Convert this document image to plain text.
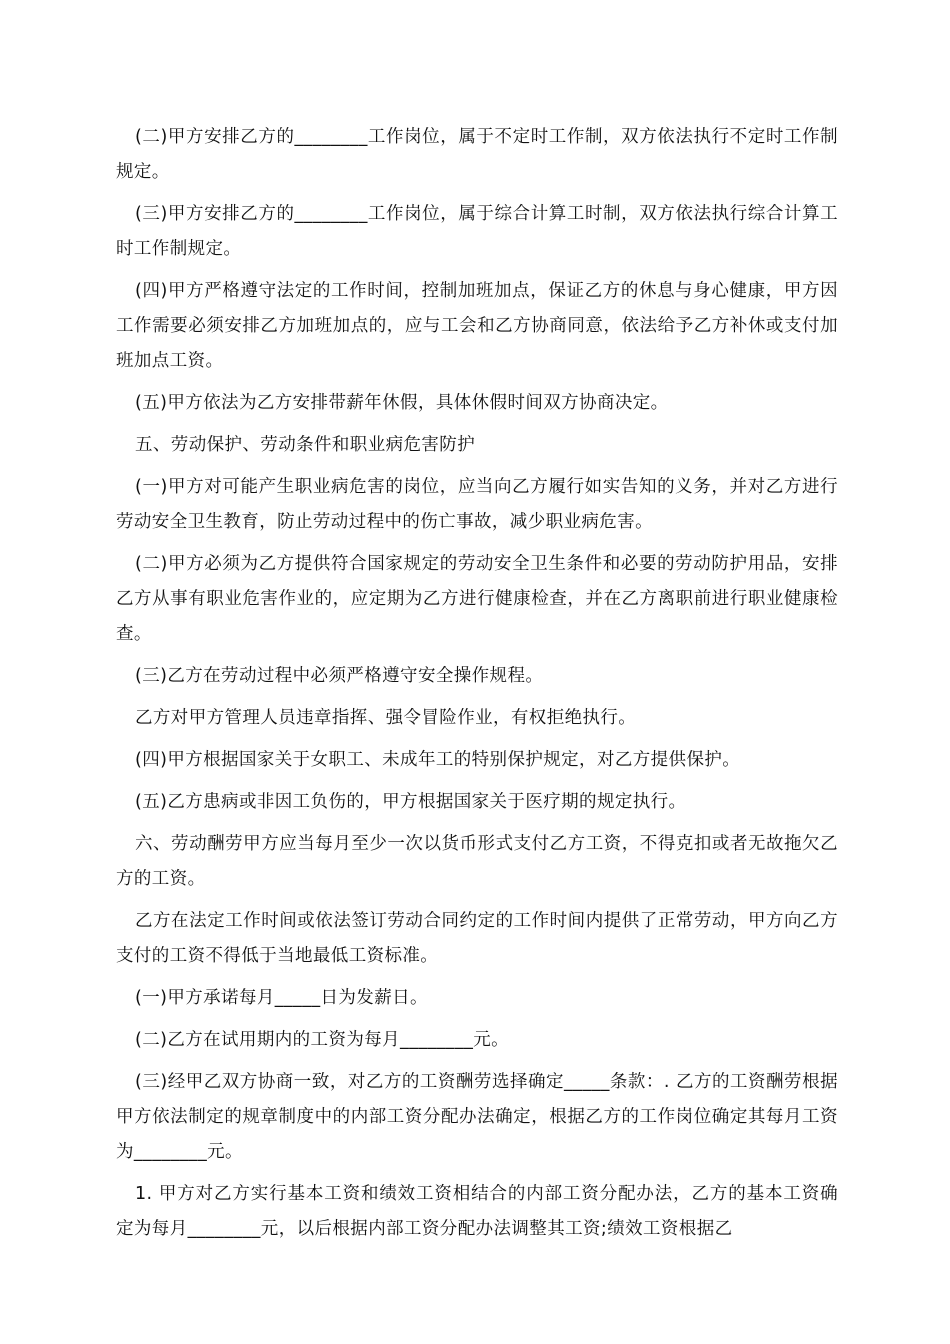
(二)甲方安排乙方的________工作岗位，属于不定时工作制，双方依法执行不定时工作制规定。

(三)甲方安排乙方的________工作岗位，属于综合计算工时制，双方依法执行综合计算工时工作制规定。

(四)甲方严格遵守法定的工作时间，控制加班加点，保证乙方的休息与身心健康，甲方因工作需要必须安排乙方加班加点的，应与工会和乙方协商同意，依法给予乙方补休或支付加班加点工资。

(五)甲方依法为乙方安排带薪年休假，具体休假时间双方协商决定。

五、劳动保护、劳动条件和职业病危害防护

(一)甲方对可能产生职业病危害的岗位，应当向乙方履行如实告知的义务，并对乙方进行劳动安全卫生教育，防止劳动过程中的伤亡事故，减少职业病危害。

(二)甲方必须为乙方提供符合国家规定的劳动安全卫生条件和必要的劳动防护用品，安排乙方从事有职业危害作业的，应定期为乙方进行健康检查，并在乙方离职前进行职业健康检查。

(三)乙方在劳动过程中必须严格遵守安全操作规程。

乙方对甲方管理人员违章指挥、强令冒险作业，有权拒绝执行。

(四)甲方根据国家关于女职工、未成年工的特别保护规定，对乙方提供保护。

(五)乙方患病或非因工负伤的，甲方根据国家关于医疗期的规定执行。

六、劳动酬劳甲方应当每月至少一次以货币形式支付乙方工资，不得克扣或者无故拖欠乙方的工资。

乙方在法定工作时间或依法签订劳动合同约定的工作时间内提供了正常劳动，甲方向乙方支付的工资不得低于当地最低工资标准。

(一)甲方承诺每月_____日为发薪日。

(二)乙方在试用期内的工资为每月________元。

(三)经甲乙双方协商一致，对乙方的工资酬劳选择确定_____条款：. 乙方的工资酬劳根据甲方依法制定的规章制度中的内部工资分配办法确定，根据乙方的工作岗位确定其每月工资为________元。

1. 甲方对乙方实行基本工资和绩效工资相结合的内部工资分配办法，乙方的基本工资确定为每月________元，以后根据内部工资分配办法调整其工资;绩效工资根据乙
